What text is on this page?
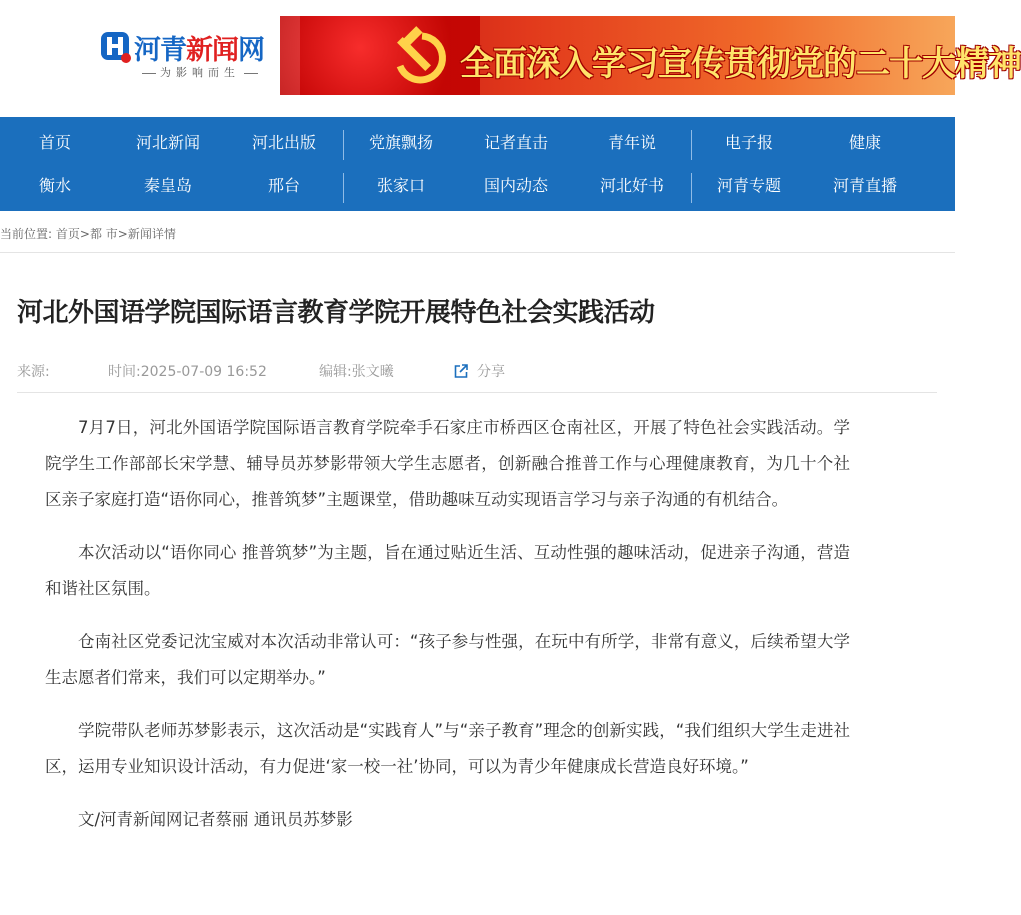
河青新闻网
为影响而生	全面深入学习宣传贯彻党的二十大精神
首页	河北新闻	河北出版	党旗飘扬	记者直击	青年说	电子报	健康
衡水	秦皇岛	邢台	张家口	国内动态	河北好书	河青专题	河青直播
当前位置: 首页>都 市>新闻详情
河北外国语学院国际语言教育学院开展特色社会实践活动
来源:	时间:2025-07-09 16:52	编辑:张文曦	分享

7月7日，河北外国语学院国际语言教育学院牵手石家庄市桥西区仓南社区，开展了特色社会实践活动。学院学生工作部部长宋学慧、辅导员苏梦影带领大学生志愿者，创新融合推普工作与心理健康教育，为几十个社区亲子家庭打造“语你同心，推普筑梦”主题课堂，借助趣味互动实现语言学习与亲子沟通的有机结合。

本次活动以“语你同心 推普筑梦”为主题，旨在通过贴近生活、互动性强的趣味活动，促进亲子沟通，营造和谐社区氛围。

仓南社区党委记沈宝威对本次活动非常认可：“孩子参与性强，在玩中有所学，非常有意义，后续希望大学生志愿者们常来，我们可以定期举办。”

学院带队老师苏梦影表示，这次活动是“实践育人”与“亲子教育”理念的创新实践，“我们组织大学生走进社区，运用专业知识设计活动，有力促进‘家一校一社’协同，可以为青少年健康成长营造良好环境。”

文/河青新闻网记者蔡丽 通讯员苏梦影
